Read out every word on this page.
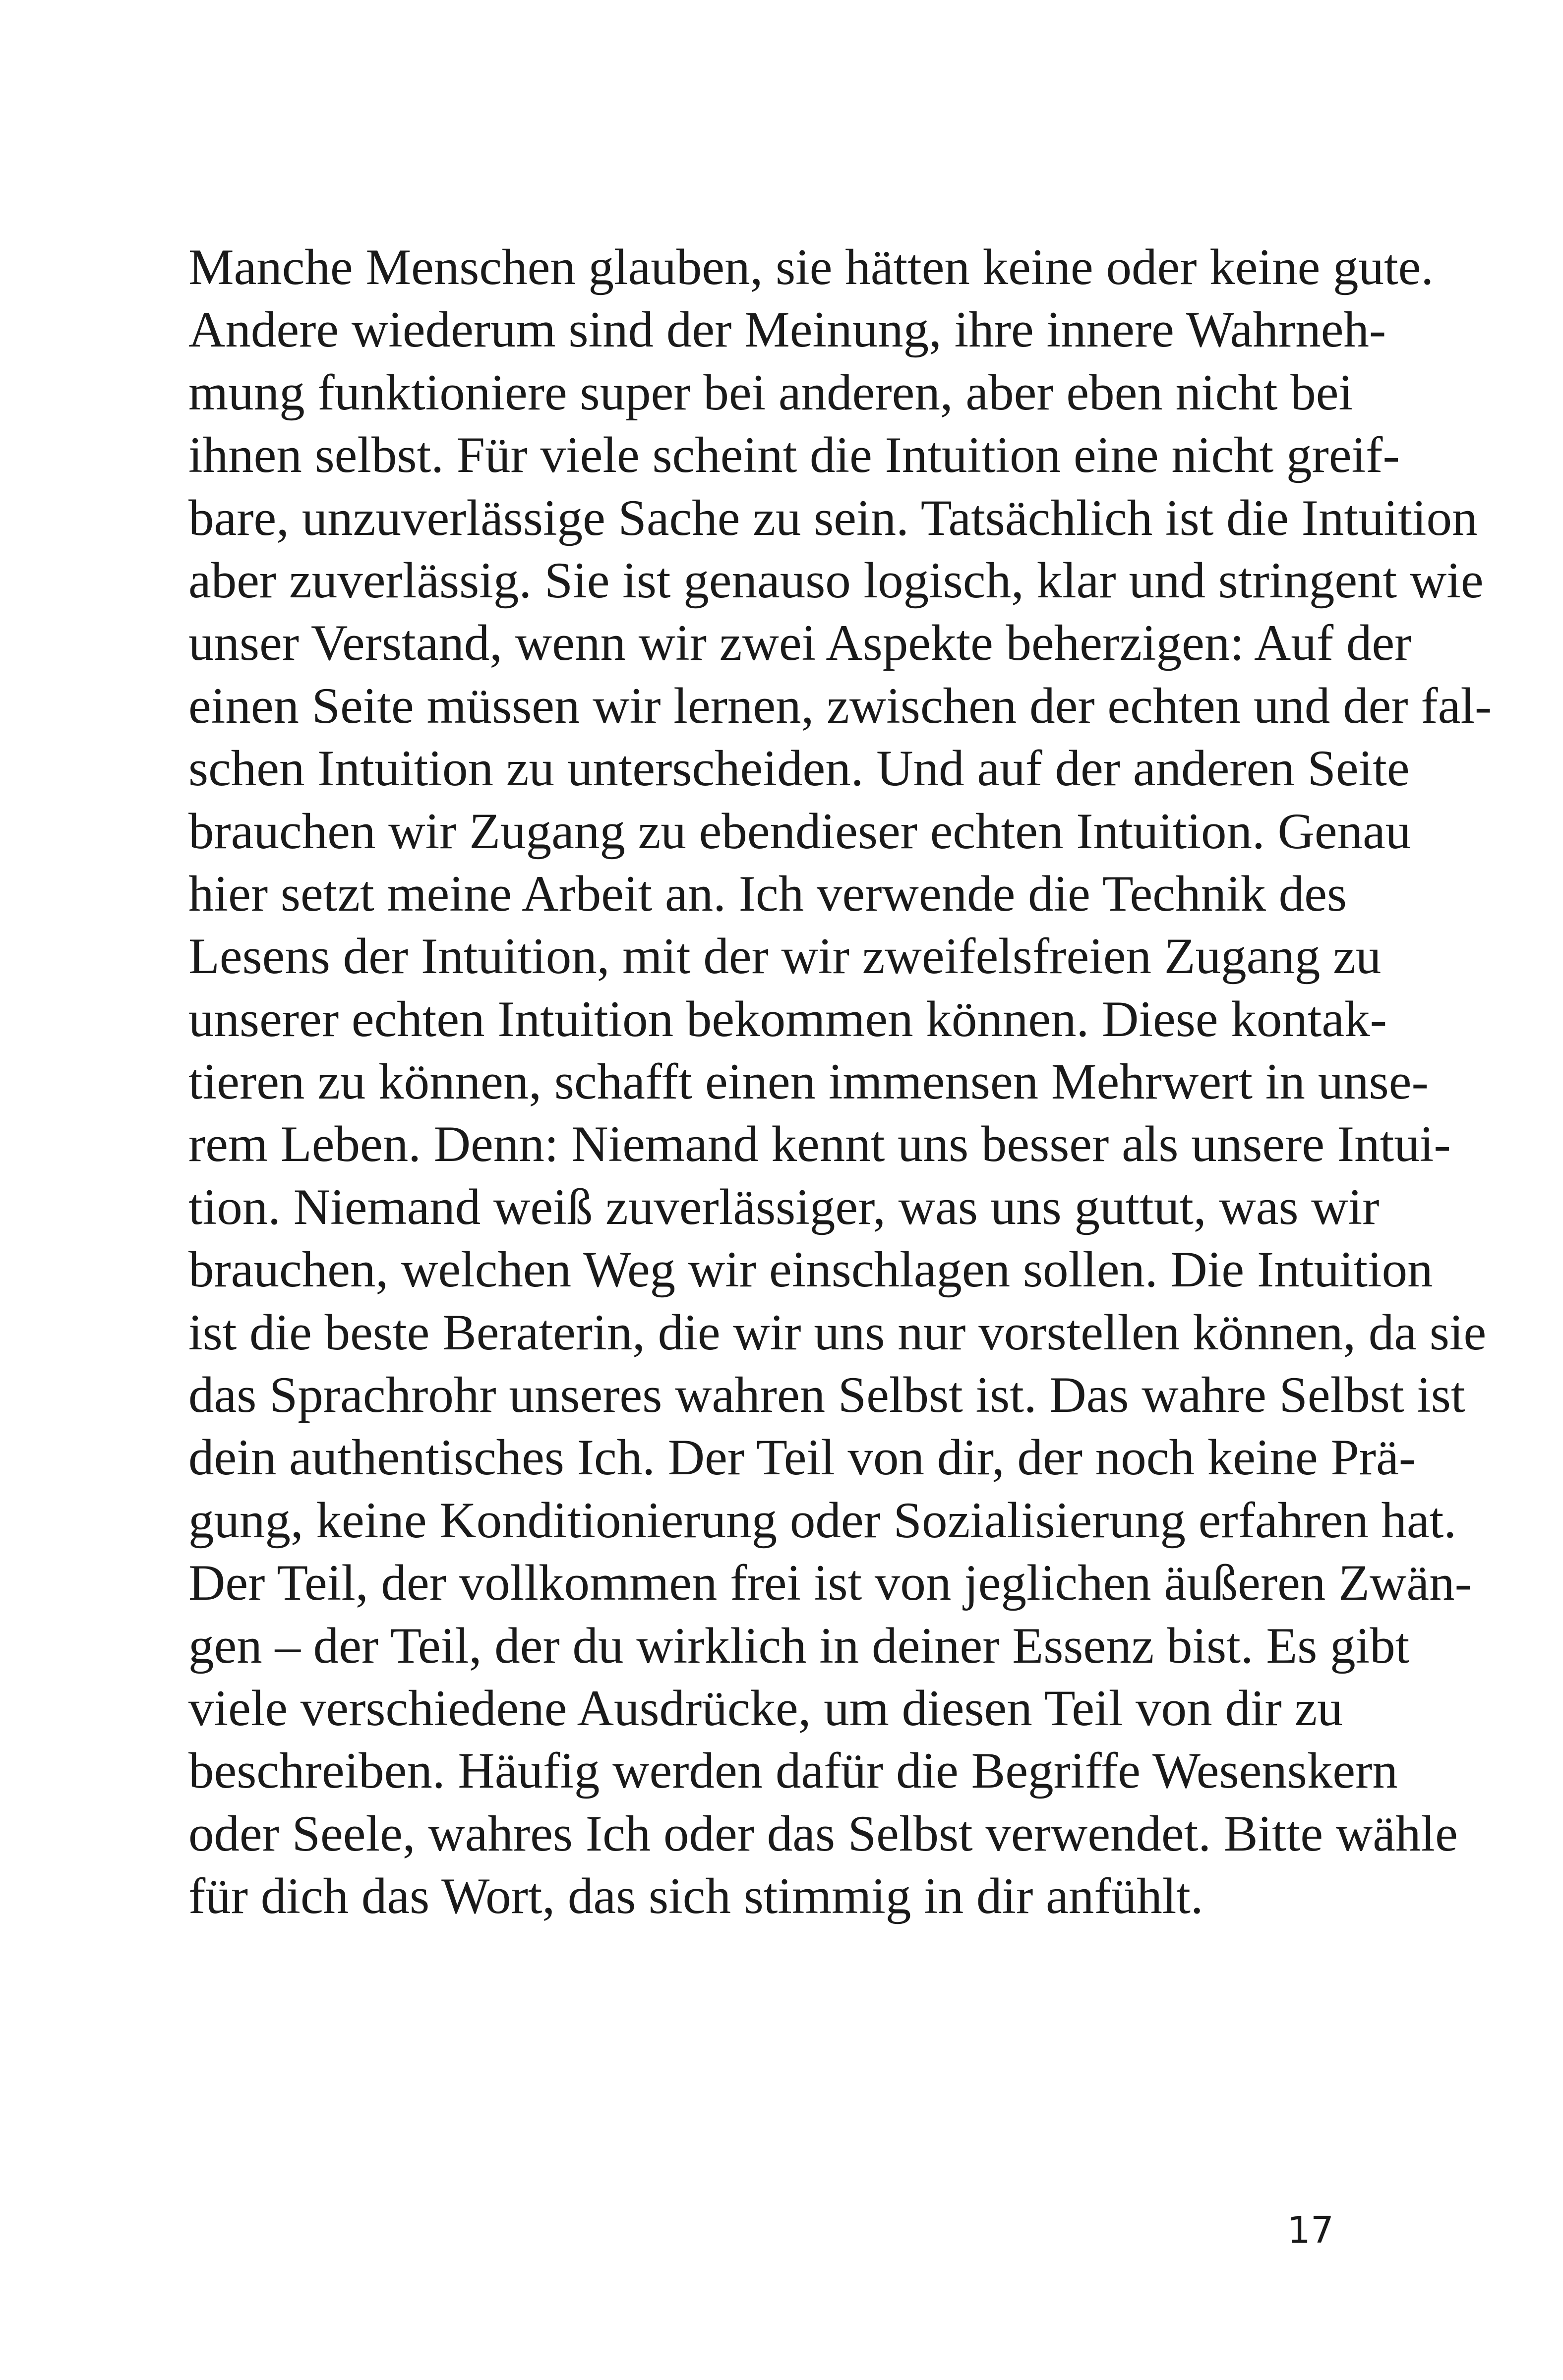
Manche Menschen glauben, sie hätten keine oder keine gute.
Andere wiederum sind der Meinung, ihre innere Wahrneh-
mung funktioniere super bei anderen, aber eben nicht bei
ihnen selbst. Für viele scheint die Intuition eine nicht greif-
bare, unzuverlässige Sache zu sein. Tatsächlich ist die Intuition
aber zuverlässig. Sie ist genauso logisch, klar und stringent wie
unser Verstand, wenn wir zwei Aspekte beherzigen: Auf der
einen Seite müssen wir lernen, zwischen der echten und der fal-
schen Intuition zu unterscheiden. Und auf der anderen Seite
brauchen wir Zugang zu ebendieser echten Intuition. Genau
hier setzt meine Arbeit an. Ich verwende die Technik des
Lesens der Intuition, mit der wir zweifelsfreien Zugang zu
unserer echten Intuition bekommen können. Diese kontak-
tieren zu können, schafft einen immensen Mehrwert in unse-
rem Leben. Denn: Niemand kennt uns besser als unsere Intui-
tion. Niemand weiß zuverlässiger, was uns guttut, was wir
brauchen, welchen Weg wir einschlagen sollen. Die Intuition
ist die beste Beraterin, die wir uns nur vorstellen können, da sie
das Sprachrohr unseres wahren Selbst ist. Das wahre Selbst ist
dein authentisches Ich. Der Teil von dir, der noch keine Prä-
gung, keine Konditionierung oder Sozialisierung erfahren hat.
Der Teil, der vollkommen frei ist von jeglichen äußeren Zwän-
gen – der Teil, der du wirklich in deiner Essenz bist. Es gibt
viele verschiedene Ausdrücke, um diesen Teil von dir zu
beschreiben. Häufig werden dafür die Begriffe Wesenskern
oder Seele, wahres Ich oder das Selbst verwendet. Bitte wähle
für dich das Wort, das sich stimmig in dir anfühlt.
17
